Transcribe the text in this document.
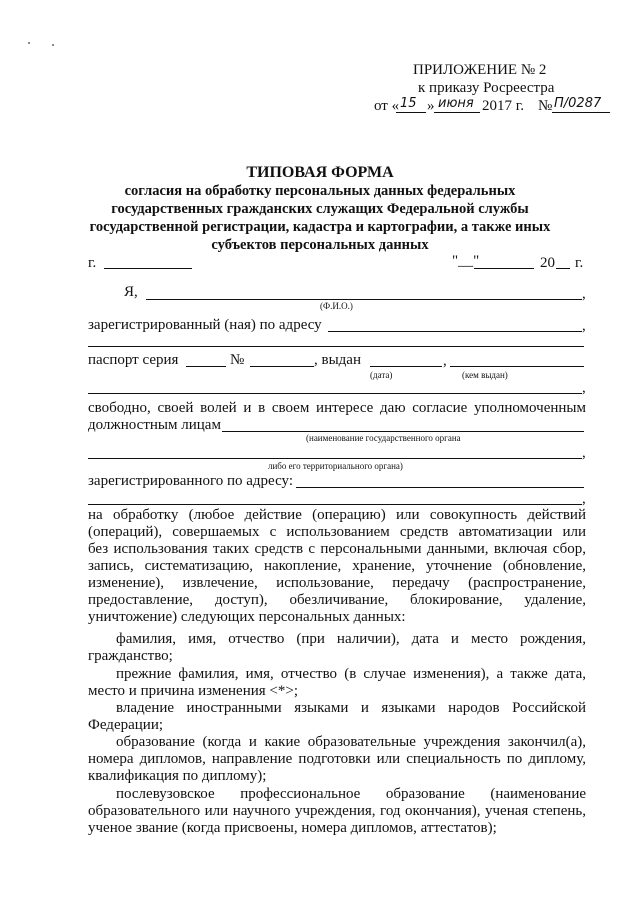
ПРИЛОЖЕНИЕ № 2
к приказу Росреестра
от « 15 » июня 2017 г. № П/0287
ТИПОВАЯ ФОРМА
согласия на обработку персональных данных федеральных
государственных гражданских служащих Федеральной службы
государственной регистрации, кадастра и картографии, а также иных
субъектов персональных данных
г.	"__"	20 г.
Я,	,
(Ф.И.О.)
зарегистрированный (ная) по адресу	,
паспорт серия	№	, выдан	,
(дата)	(кем выдан)
,
свободно, своей волей и в своем интересе даю согласие уполномоченным
должностным лицам
(наименование государственного органа
,
либо его территориального органа)
зарегистрированного по адресу:
,
на обработку (любое действие (операцию) или совокупность действий
(операций), совершаемых с использованием средств автоматизации или
без использования таких средств с персональными данными, включая сбор,
запись, систематизацию, накопление, хранение, уточнение (обновление,
изменение), извлечение, использование, передачу (распространение,
предоставление, доступ), обезличивание, блокирование, удаление,
уничтожение) следующих персональных данных:
фамилия, имя, отчество (при наличии), дата и место рождения,
гражданство;
прежние фамилия, имя, отчество (в случае изменения), а также дата,
место и причина изменения <*>;
владение иностранными языками и языками народов Российской
Федерации;
образование (когда и какие образовательные учреждения закончил(а),
номера дипломов, направление подготовки или специальность по диплому,
квалификация по диплому);
послевузовское профессиональное образование (наименование
образовательного или научного учреждения, год окончания), ученая степень,
ученое звание (когда присвоены, номера дипломов, аттестатов);
